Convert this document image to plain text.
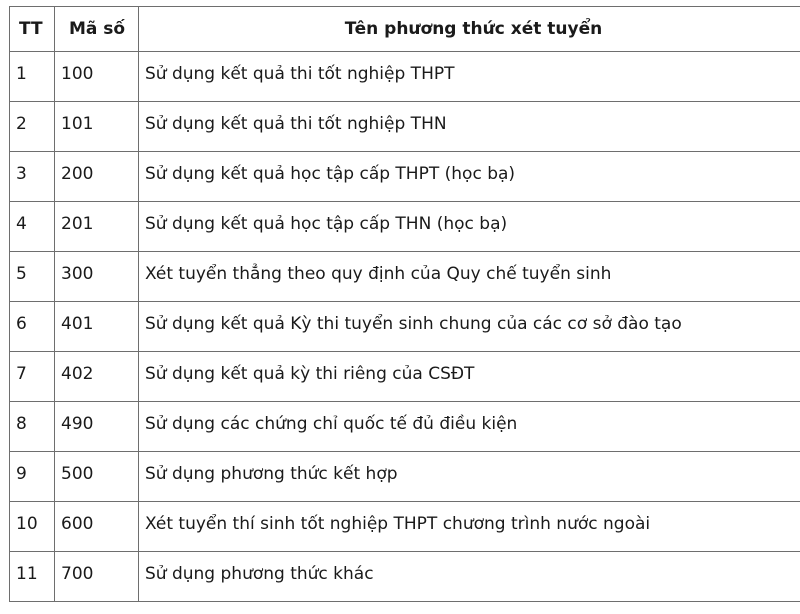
TT	Mã số	Tên phương thức xét tuyển
1	100	Sử dụng kết quả thi tốt nghiệp THPT
2	101	Sử dụng kết quả thi tốt nghiệp THN
3	200	Sử dụng kết quả học tập cấp THPT (học bạ)
4	201	Sử dụng kết quả học tập cấp THN (học bạ)
5	300	Xét tuyển thẳng theo quy định của Quy chế tuyển sinh
6	401	Sử dụng kết quả Kỳ thi tuyển sinh chung của các cơ sở đào tạo
7	402	Sử dụng kết quả kỳ thi riêng của CSĐT
8	490	Sử dụng các chứng chỉ quốc tế đủ điều kiện
9	500	Sử dụng phương thức kết hợp
10	600	Xét tuyển thí sinh tốt nghiệp THPT chương trình nước ngoài
11	700	Sử dụng phương thức khác
